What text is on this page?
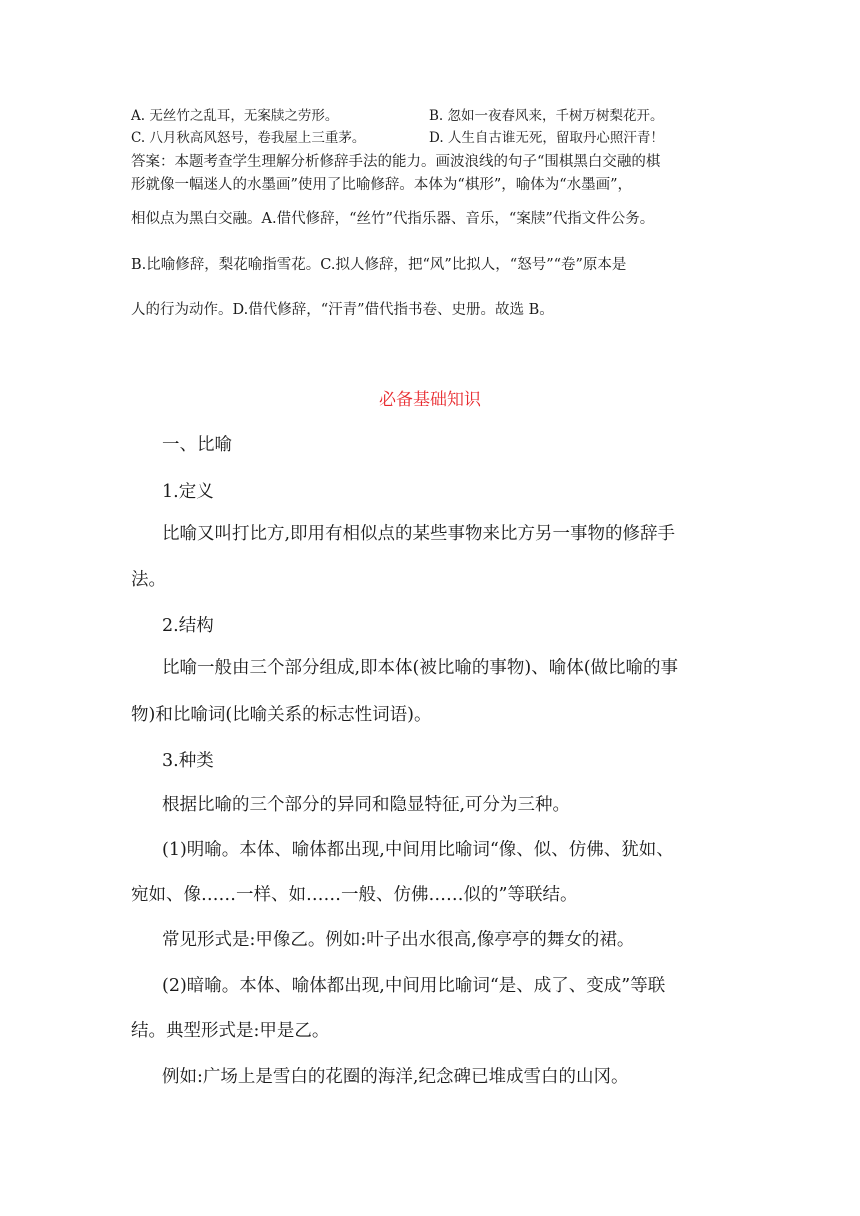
A. 无丝竹之乱耳，无案牍之劳形。	B. 忽如一夜春风来，千树万树梨花开。
C. 八月秋高风怒号，卷我屋上三重茅。	D. 人生自古谁无死，留取丹心照汗青！
答案：本题考查学生理解分析修辞手法的能力。画波浪线的句子“围棋黑白交融的棋
形就像一幅迷人的水墨画”使用了比喻修辞。本体为“棋形”，喻体为“水墨画”，
相似点为黑白交融。A.借代修辞，“丝竹”代指乐器、音乐，“案牍”代指文件公务。
B.比喻修辞，梨花喻指雪花。C.拟人修辞，把“风”比拟人，“怒号”“卷”原本是
人的行为动作。D.借代修辞，“汗青”借代指书卷、史册。故选 B。
必备基础知识
一、比喻
1.定义
比喻又叫打比方,即用有相似点的某些事物来比方另一事物的修辞手
法。
2.结构
比喻一般由三个部分组成,即本体(被比喻的事物)、喻体(做比喻的事
物)和比喻词(比喻关系的标志性词语)。
3.种类
根据比喻的三个部分的异同和隐显特征,可分为三种。
(1)明喻。本体、喻体都出现,中间用比喻词“像、似、仿佛、犹如、
宛如、像……一样、如……一般、仿佛……似的”等联结。
常见形式是:甲像乙。例如:叶子出水很高,像亭亭的舞女的裙。
(2)暗喻。本体、喻体都出现,中间用比喻词“是、成了、变成”等联
结。典型形式是:甲是乙。
例如:广场上是雪白的花圈的海洋,纪念碑已堆成雪白的山冈。
